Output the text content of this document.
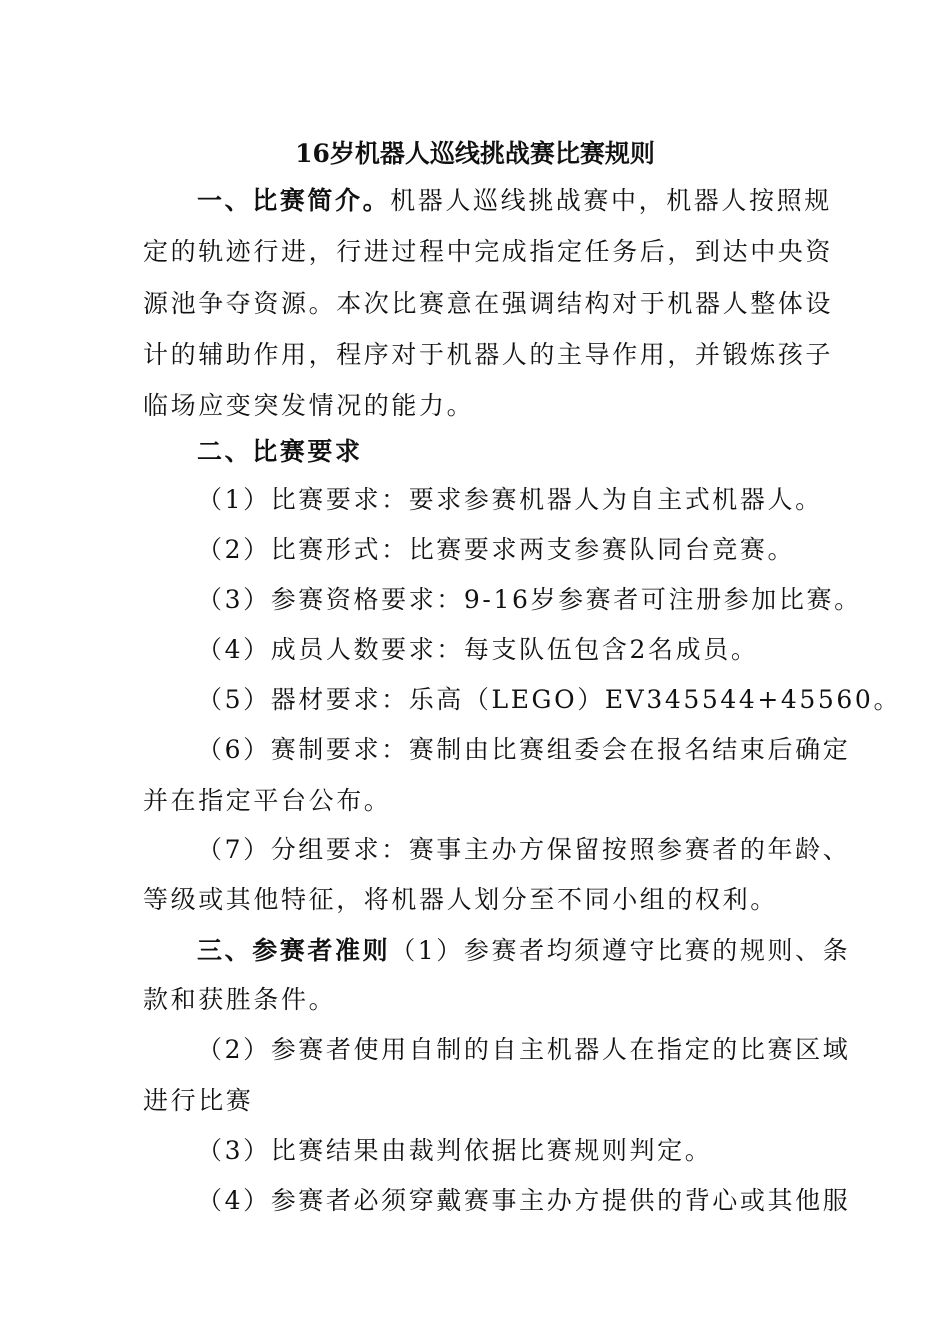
16岁机器人巡线挑战赛比赛规则
一、比赛简介。机器人巡线挑战赛中，机器人按照规
定的轨迹行进，行进过程中完成指定任务后，到达中央资
源池争夺资源。本次比赛意在强调结构对于机器人整体设
计的辅助作用，程序对于机器人的主导作用，并锻炼孩子
临场应变突发情况的能力。
二、比赛要求
（1）比赛要求：要求参赛机器人为自主式机器人。
（2）比赛形式：比赛要求两支参赛队同台竞赛。
（3）参赛资格要求：9-16岁参赛者可注册参加比赛。
（4）成员人数要求：每支队伍包含2名成员。
（5）器材要求：乐高（LEGO）EV345544+45560。
（6）赛制要求：赛制由比赛组委会在报名结束后确定
并在指定平台公布。
（7）分组要求：赛事主办方保留按照参赛者的年龄、
等级或其他特征，将机器人划分至不同小组的权利。
三、参赛者准则（1）参赛者均须遵守比赛的规则、条
款和获胜条件。
（2）参赛者使用自制的自主机器人在指定的比赛区域
进行比赛
（3）比赛结果由裁判依据比赛规则判定。
（4）参赛者必须穿戴赛事主办方提供的背心或其他服
